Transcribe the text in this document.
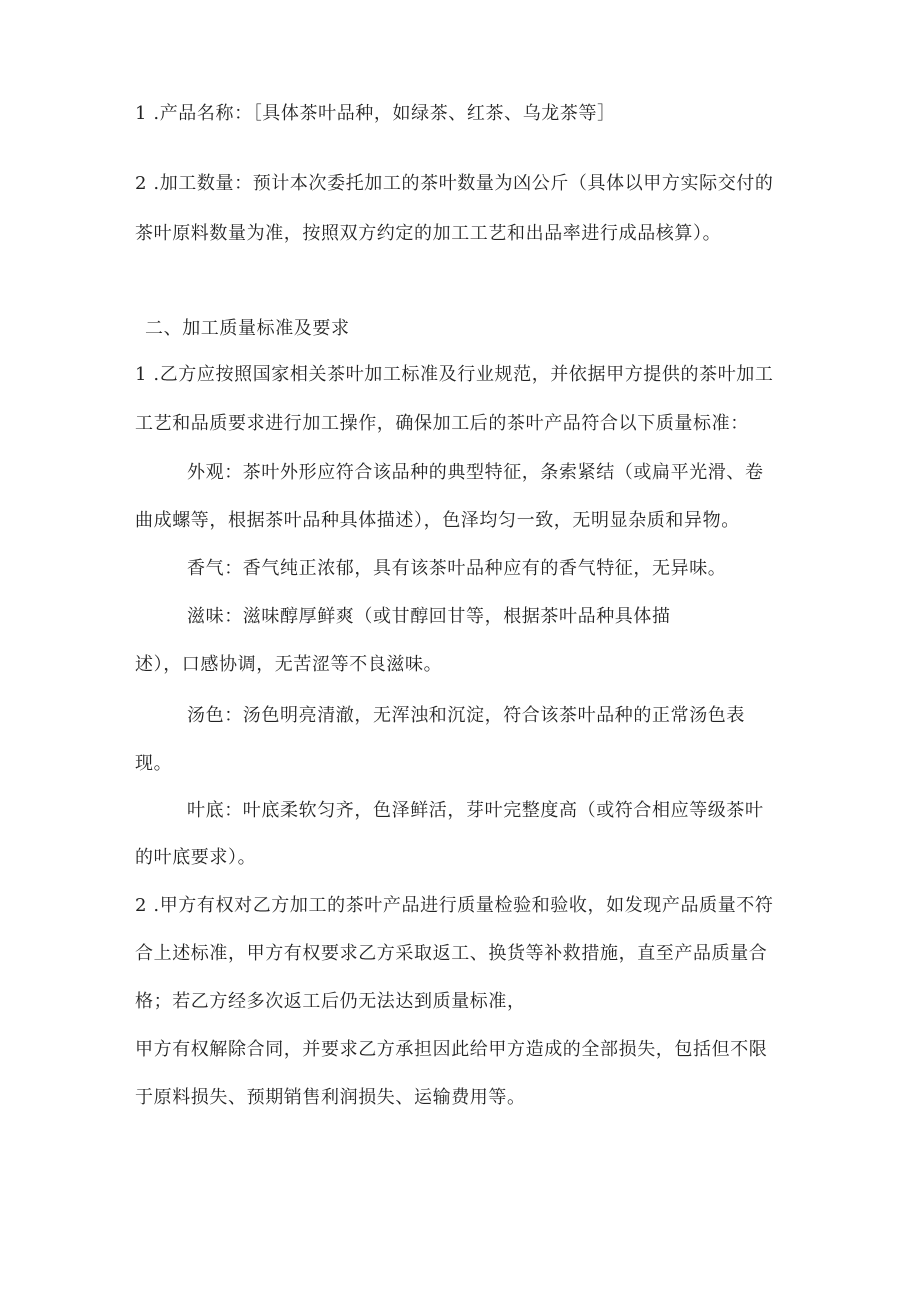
1 .产品名称：［具体茶叶品种，如绿茶、红茶、乌龙茶等］
2 .加工数量：预计本次委托加工的茶叶数量为凶公斤（具体以甲方实际交付的
茶叶原料数量为准，按照双方约定的加工工艺和出品率进行成品核算）。
二、加工质量标准及要求
1 .乙方应按照国家相关茶叶加工标准及行业规范，并依据甲方提供的茶叶加工
工艺和品质要求进行加工操作，确保加工后的茶叶产品符合以下质量标准：
外观：茶叶外形应符合该品种的典型特征，条索紧结（或扁平光滑、卷
曲成螺等，根据茶叶品种具体描述），色泽均匀一致，无明显杂质和异物。
香气：香气纯正浓郁，具有该茶叶品种应有的香气特征，无异味。
滋味：滋味醇厚鲜爽（或甘醇回甘等，根据茶叶品种具体描
述），口感协调，无苦涩等不良滋味。
汤色：汤色明亮清澈，无浑浊和沉淀，符合该茶叶品种的正常汤色表
现。
叶底：叶底柔软匀齐，色泽鲜活，芽叶完整度高（或符合相应等级茶叶
的叶底要求）。
2 .甲方有权对乙方加工的茶叶产品进行质量检验和验收，如发现产品质量不符
合上述标准，甲方有权要求乙方采取返工、换货等补救措施，直至产品质量合
格；若乙方经多次返工后仍无法达到质量标准，
甲方有权解除合同，并要求乙方承担因此给甲方造成的全部损失，包括但不限
于原料损失、预期销售利润损失、运输费用等。
